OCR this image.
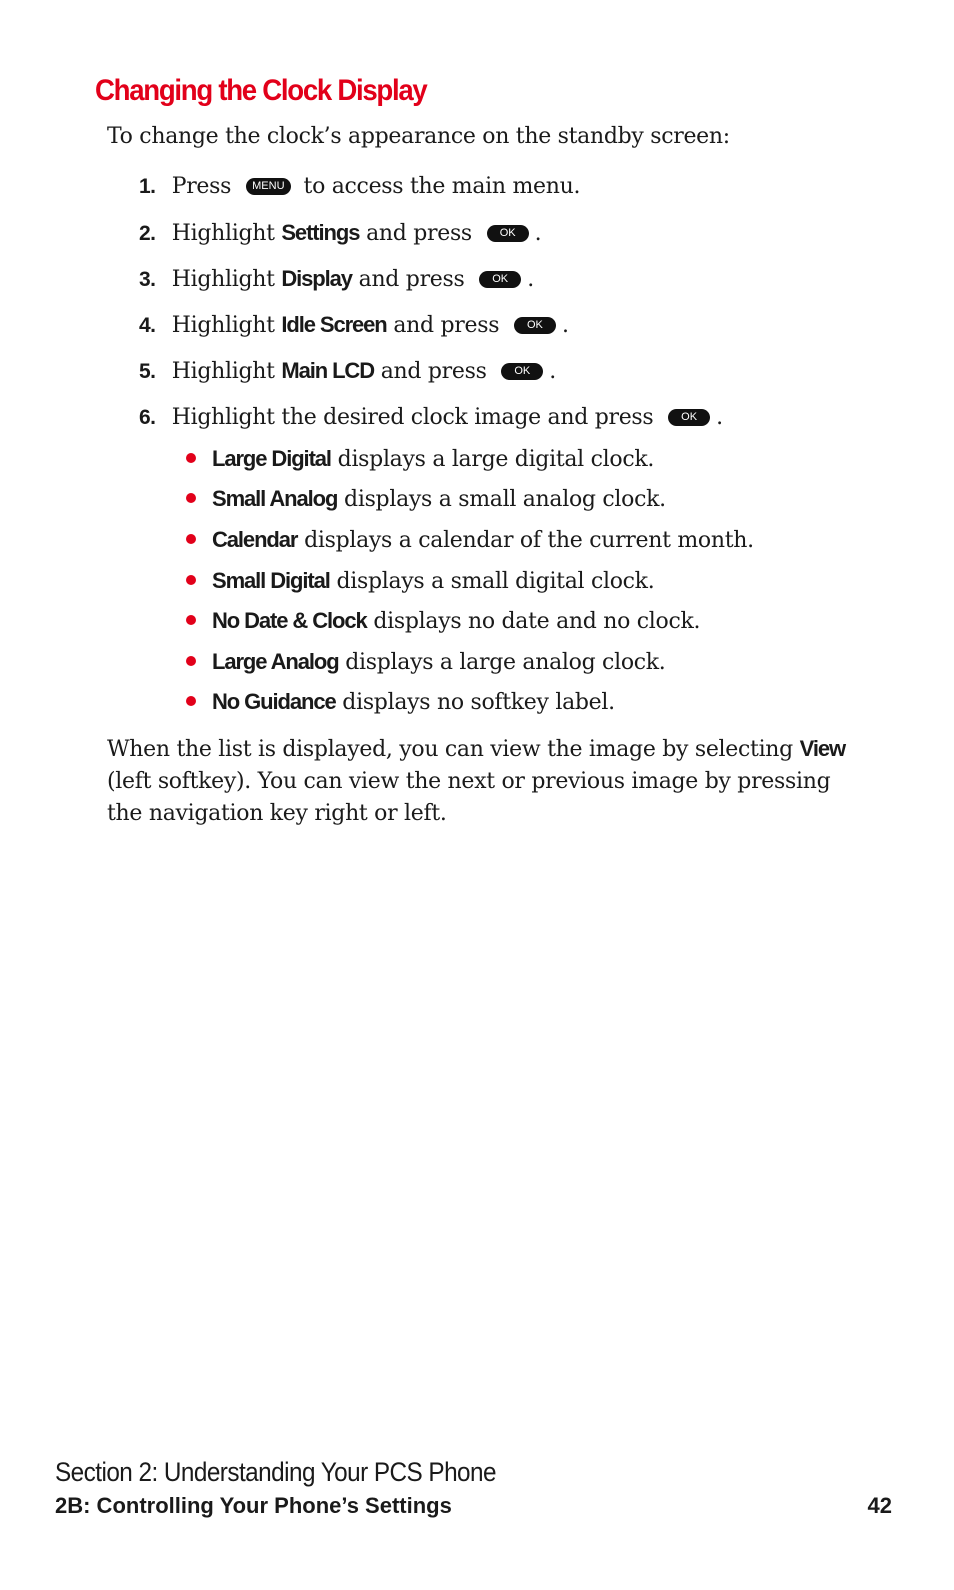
Changing the Clock Display

To change the clock’s appearance on the standby screen:

1. Press MENU to access the main menu.
2. Highlight Settings and press	OK .
3. Highlight Display and press	OK .
4. Highlight Idle Screen and press	OK .
5. Highlight Main LCD and press	OK .
6. Highlight the desired clock image and press	OK .
Large Digital displays a large digital clock.
Small Analog displays a small analog clock.
Calendar displays a calendar of the current month.
Small Digital displays a small digital clock.
No Date & Clock displays no date and no clock.
Large Analog displays a large analog clock.
No Guidance displays no softkey label.

When the list is displayed, you can view the image by selecting View (left softkey). You can view the next or previous image by pressing the navigation key right or left.

Section 2: Understanding Your PCS Phone

2B: Controlling Your Phone’s Settings	42
